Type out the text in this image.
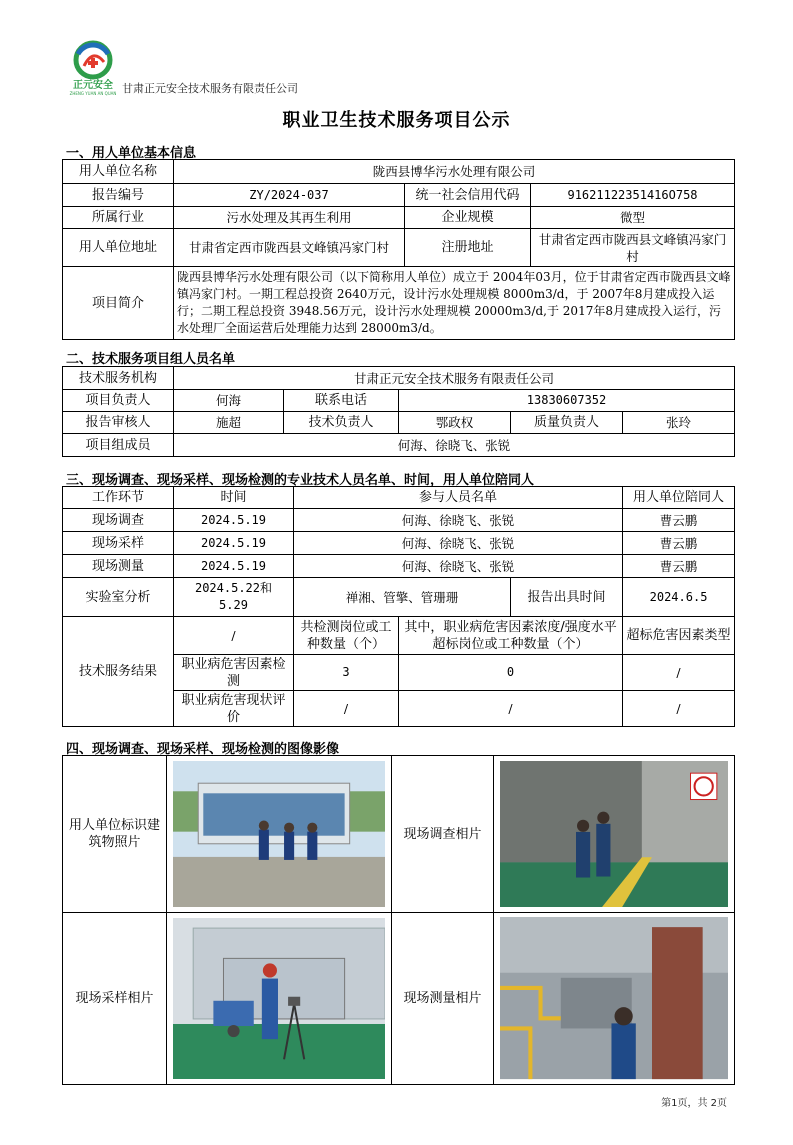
正元安全
ZHENG YUAN AN QUAN 甘肃正元安全技术服务有限责任公司
职业卫生技术服务项目公示
一、用人单位基本信息
用人单位名称	陇西县博华污水处理有限公司		
报告编号	ZY/2024-037	统一社会信用代码	91621122351416O758
所属行业	污水处理及其再生利用	企业规模	微型
用人单位地址	甘肃省定西市陇西县文峰镇冯家门村	注册地址	甘肃省定西市陇西县文峰镇冯家门村
项目简介	陇西县博华污水处理有限公司（以下简称用人单位）成立于 2004年03月，位于甘肃省定西市陇西县文峰镇冯家门村。一期工程总投资 2640万元，设计污水处理规模 8000m3/d，于 2007年8月建成投入运行；二期工程总投资 3948.56万元，设计污水处理规模 20000m3/d,于 2017年8月建成投入运行，污水处理厂全面运营后处理能力达到 28000m3/d。		
二、技术服务项目组人员名单
技术服务机构	甘肃正元安全技术服务有限责任公司				
项目负责人	何海	联系电话	13830607352		
报告审核人	施超	技术负责人	鄂政权	质量负责人	张玲
项目组成员	何海、徐晓飞、张锐				
三、现场调查、现场采样、现场检测的专业技术人员名单、时间，用人单位陪同人
工作环节	时间	参与人员名单			用人单位陪同人
现场调查	2024.5.19	何海、徐晓飞、张锐			曹云鹏
现场采样	2024.5.19	何海、徐晓飞、张锐			曹云鹏
现场测量	2024.5.19	何海、徐晓飞、张锐			曹云鹏
实验室分析	2024.5.22和5.29	禅湘、管擎、管珊珊		报告出具时间	2024.6.5
技术服务结果	/	共检测岗位或工种数量（个）	其中，职业病危害因素浓度/强度水平超标岗位或工种数量（个）		超标危害因素类型
	职业病危害因素检测	3	0		/
	职业病危害现状评价	/	/		/
四、现场调查、现场采样、现场检测的图像影像
用人单位标识建筑物照片		现场调查相片	

现场采样相片		现场测量相片	
第1页，共 2页
